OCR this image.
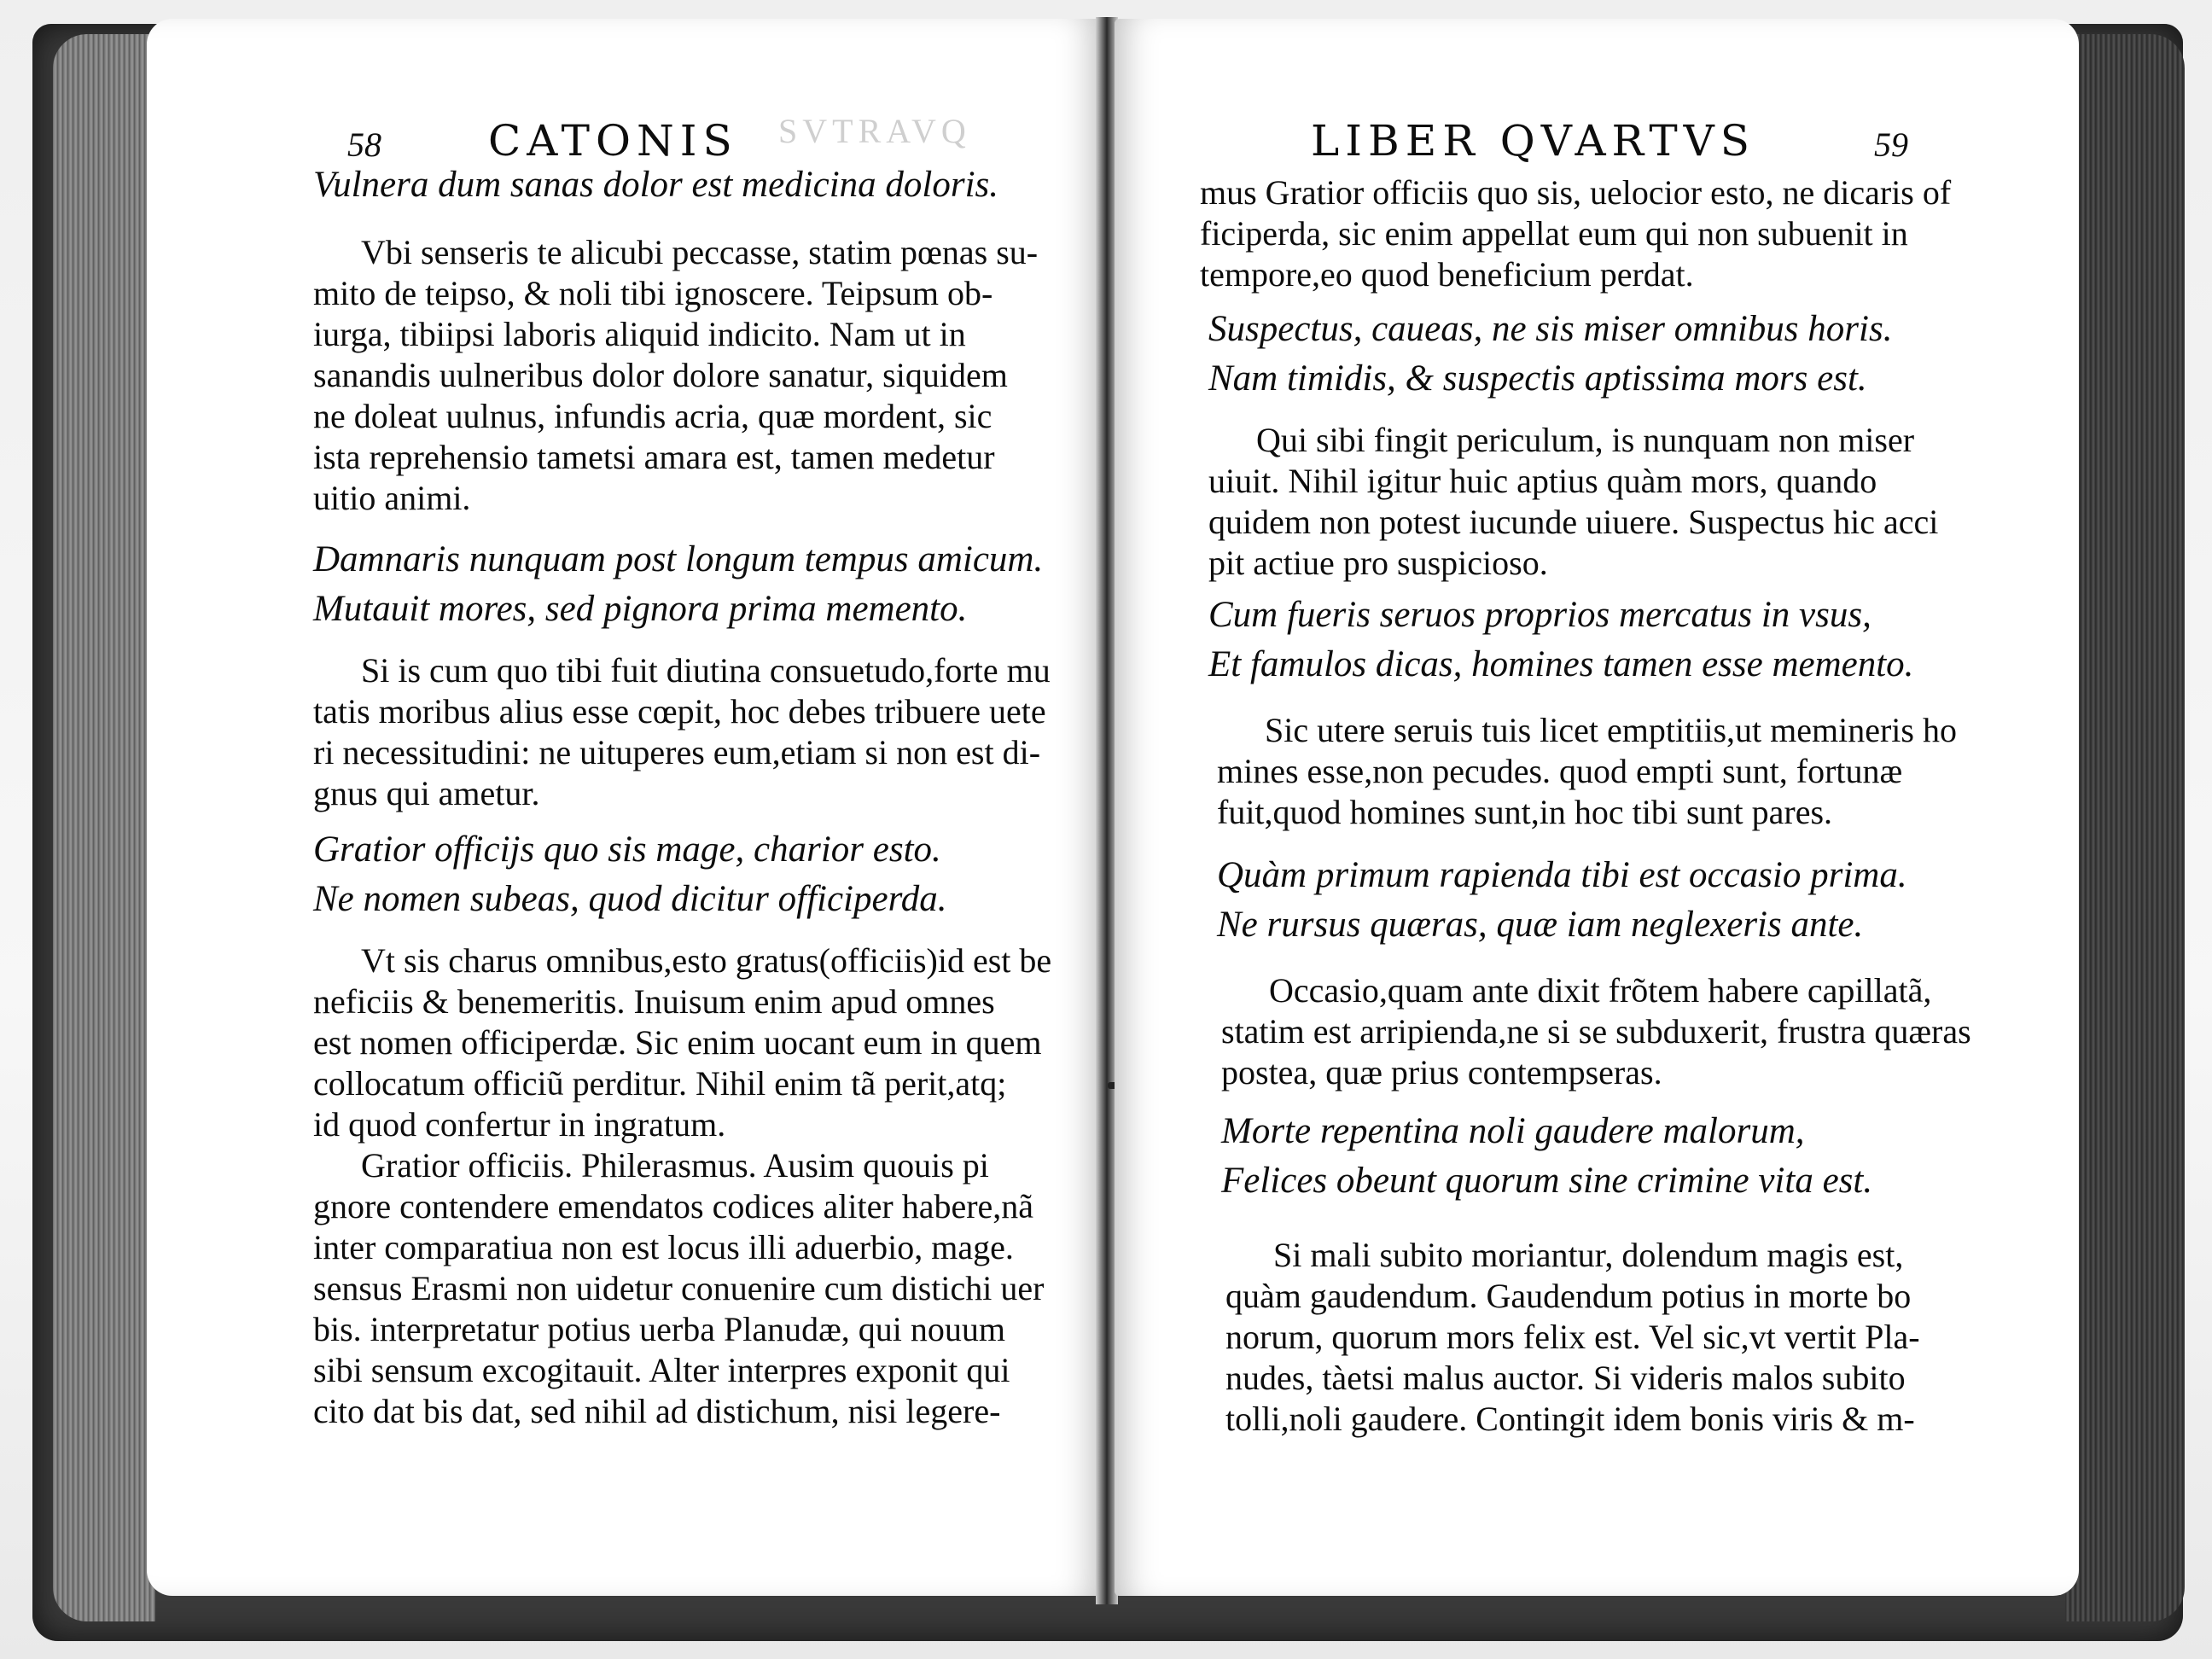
58	CATONIS SVTRAVQ
Vulnera dum sanas dolor est medicina doloris.
Vbi senseris te alicubi peccasse, statim pœnas su-
mito de teipso, & noli tibi ignoscere. Teipsum ob-
iurga, tibiipsi laboris aliquid indicito. Nam ut in
sanandis uulneribus dolor dolore sanatur, siquidem
ne doleat uulnus, infundis acria, quæ mordent, sic
ista reprehensio tametsi amara est, tamen medetur
uitio animi.
Damnaris nunquam post longum tempus amicum.
Mutauit mores, sed pignora prima memento.
Si is cum quo tibi fuit diutina consuetudo,forte mu
tatis moribus alius esse cœpit, hoc debes tribuere uete
ri necessitudini: ne uituperes eum,etiam si non est di-
gnus qui ametur.
Gratior officijs quo sis mage, charior esto.
Ne nomen subeas, quod dicitur officiperda.
Vt sis charus omnibus,esto gratus(officiis)id est be
neficiis & benemeritis. Inuisum enim apud omnes
est nomen officiperdæ. Sic enim uocant eum in quem
collocatum officiũ perditur. Nihil enim tã perit,atq;
id quod confertur in ingratum.
Gratior officiis. Philerasmus. Ausim quouis pi
gnore contendere emendatos codices aliter habere,nã
inter comparatiua non est locus illi aduerbio, mage.
sensus Erasmi non uidetur conuenire cum distichi uer
bis. interpretatur potius uerba Planudæ, qui nouum
sibi sensum excogitauit. Alter interpres exponit qui
cito dat bis dat, sed nihil ad distichum, nisi legere-
LIBER QVARTVS	59
mus Gratior officiis quo sis, uelocior esto, ne dicaris of
ficiperda, sic enim appellat eum qui non subuenit in
tempore,eo quod beneficium perdat.
Suspectus, caueas, ne sis miser omnibus horis.
Nam timidis, & suspectis aptissima mors est.
Qui sibi fingit periculum, is nunquam non miser
uiuit. Nihil igitur huic aptius quàm mors, quando
quidem non potest iucunde uiuere. Suspectus hic acci
pit actiue pro suspicioso.
Cum fueris seruos proprios mercatus in vsus,
Et famulos dicas, homines tamen esse memento.
Sic utere seruis tuis licet emptitiis,ut memineris ho
mines esse,non pecudes. quod empti sunt, fortunæ
fuit,quod homines sunt,in hoc tibi sunt pares.
Quàm primum rapienda tibi est occasio prima.
Ne rursus quæras, quæ iam neglexeris ante.
Occasio,quam ante dixit frõtem habere capillatã,
statim est arripienda,ne si se subduxerit, frustra quæras
postea, quæ prius contempseras.
Morte repentina noli gaudere malorum,
Felices obeunt quorum sine crimine vita est.
Si mali subito moriantur, dolendum magis est,
quàm gaudendum. Gaudendum potius in morte bo
norum, quorum mors felix est. Vel sic,vt vertit Pla-
nudes, tàetsi malus auctor. Si videris malos subito
tolli,noli gaudere. Contingit idem bonis viris & m-
